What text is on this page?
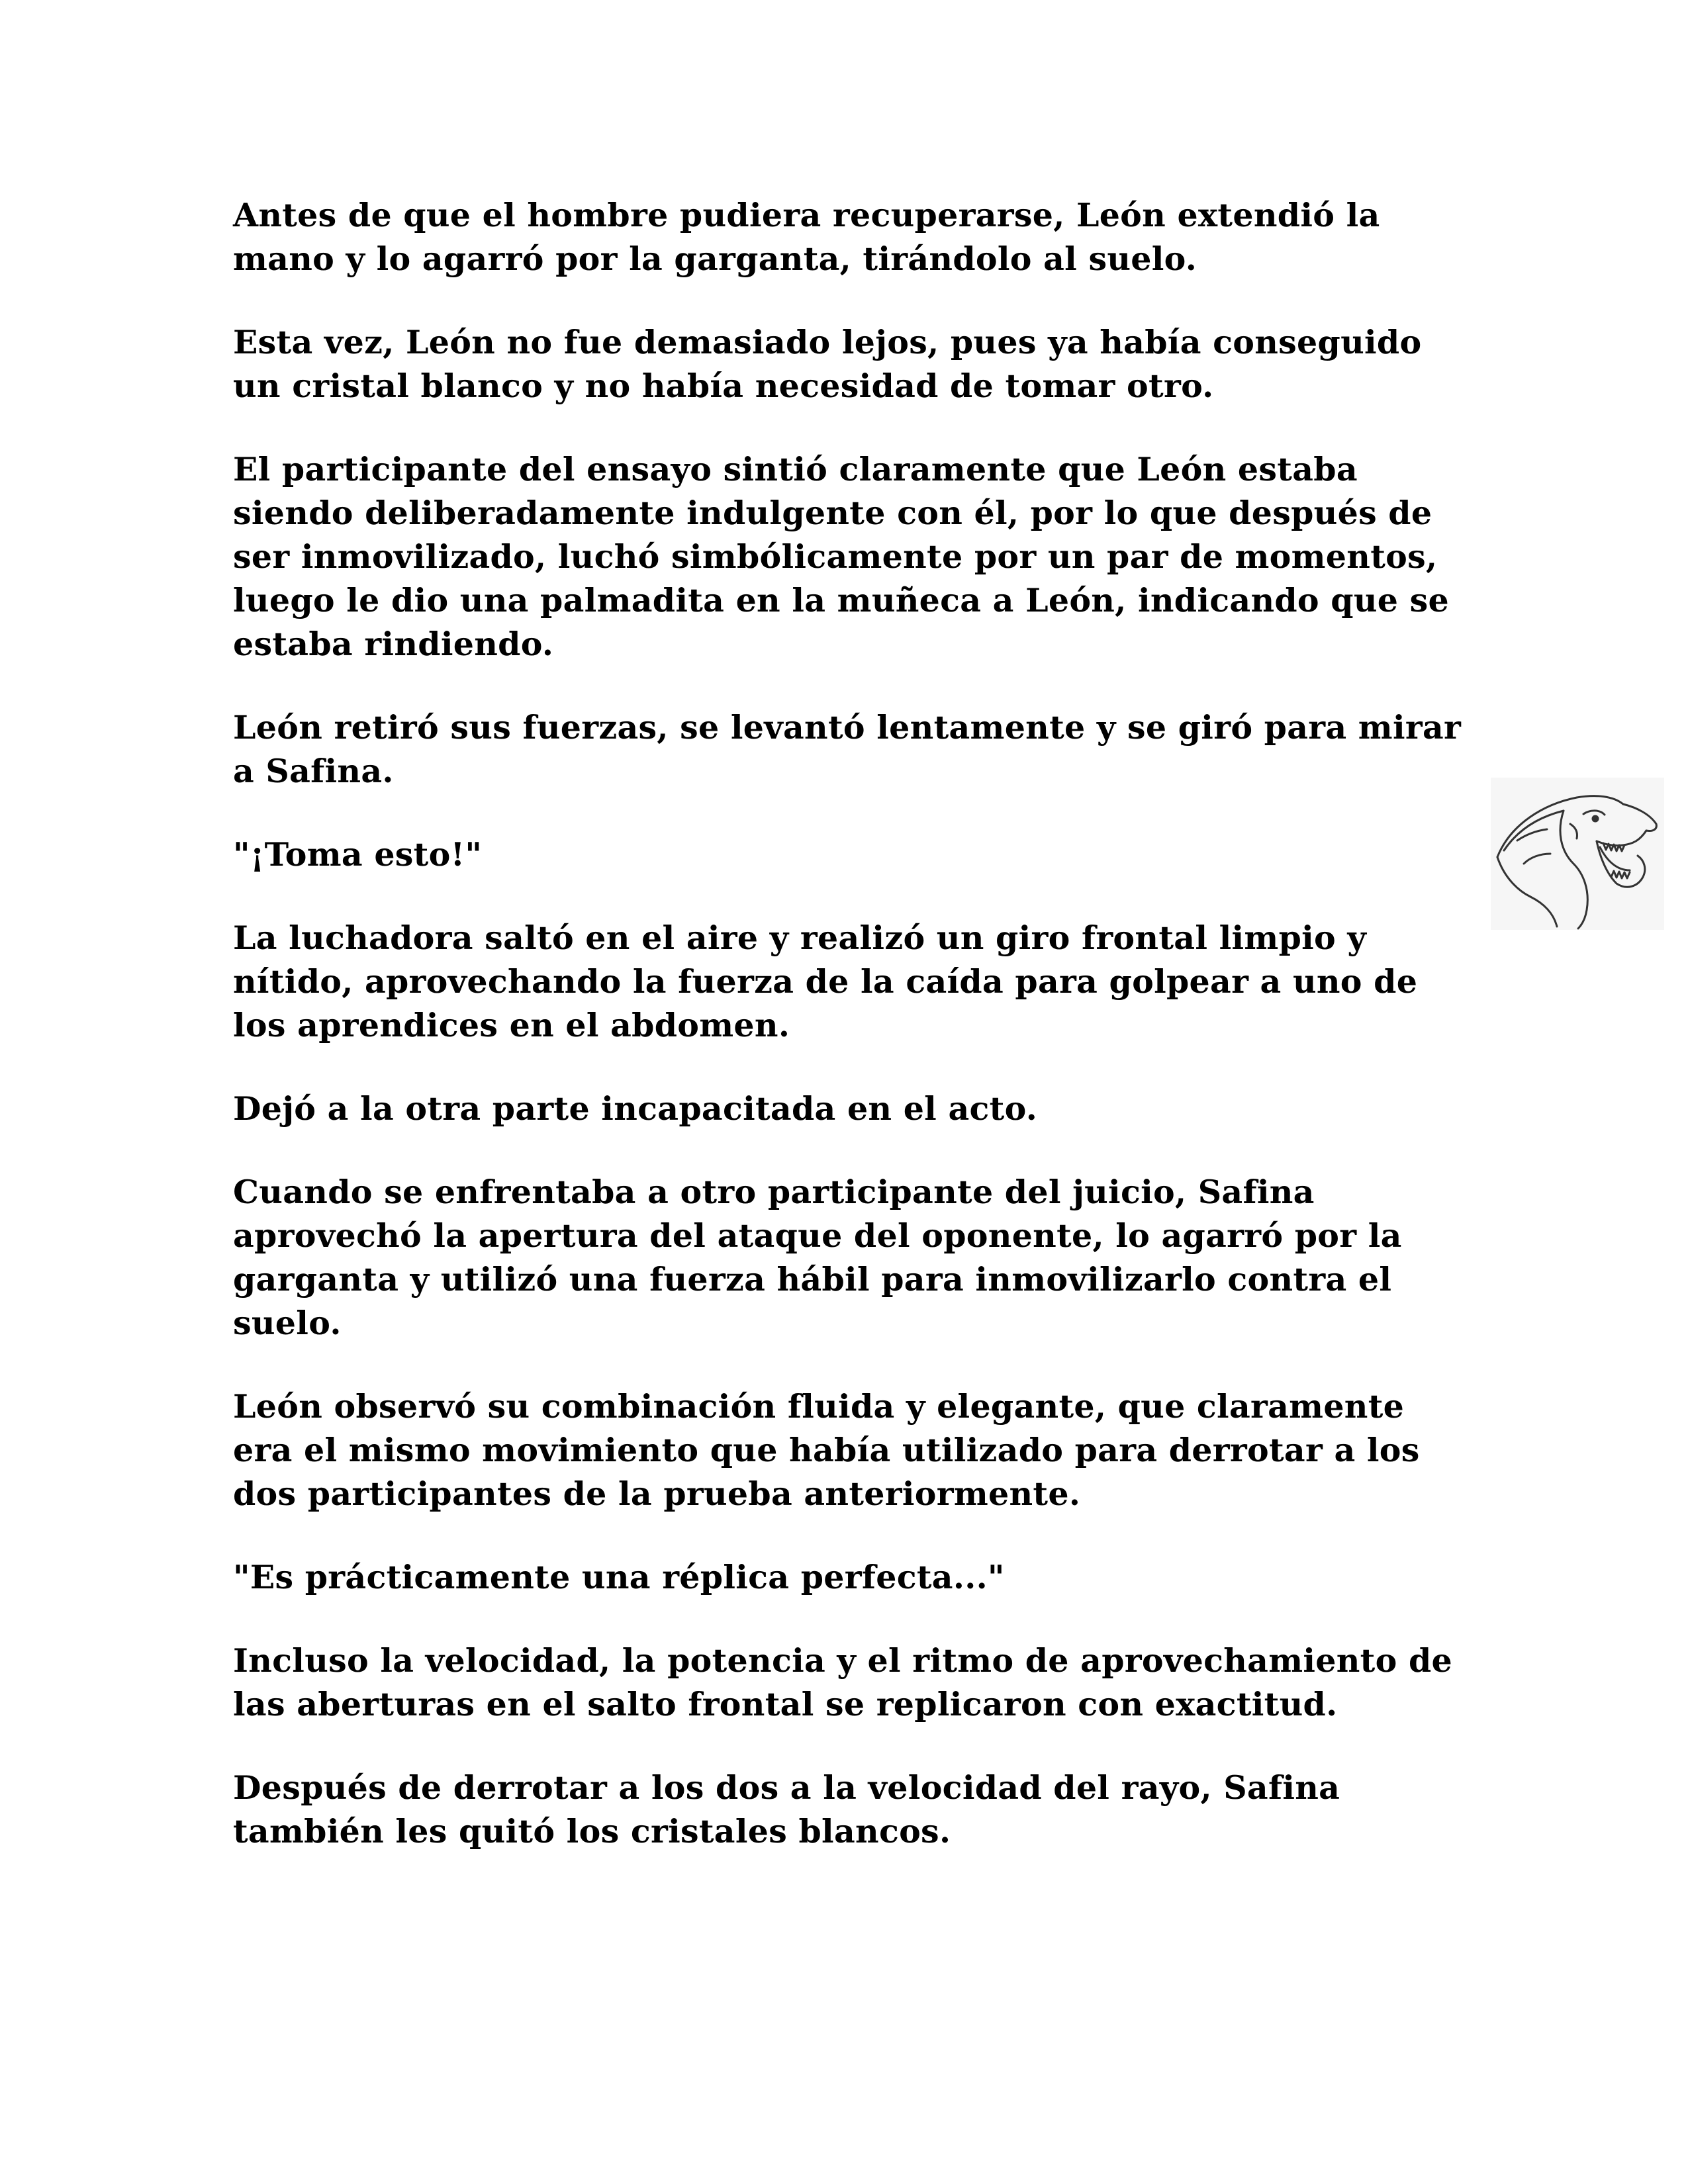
Antes de que el hombre pudiera recuperarse, León extendió la mano y lo agarró por la garganta, tirándolo al suelo.

Esta vez, León no fue demasiado lejos, pues ya había conseguido un cristal blanco y no había necesidad de tomar otro.

El participante del ensayo sintió claramente que León estaba siendo deliberadamente indulgente con él, por lo que después de ser inmovilizado, luchó simbólicamente por un par de momentos, luego le dio una palmadita en la muñeca a León, indicando que se estaba rindiendo.

León retiró sus fuerzas, se levantó lentamente y se giró para mirar a Safina.

"¡Toma esto!"

La luchadora saltó en el aire y realizó un giro frontal limpio y nítido, aprovechando la fuerza de la caída para golpear a uno de los aprendices en el abdomen.

Dejó a la otra parte incapacitada en el acto.

Cuando se enfrentaba a otro participante del juicio, Safina aprovechó la apertura del ataque del oponente, lo agarró por la garganta y utilizó una fuerza hábil para inmovilizarlo contra el suelo.

León observó su combinación fluida y elegante, que claramente era el mismo movimiento que había utilizado para derrotar a los dos participantes de la prueba anteriormente.

"Es prácticamente una réplica perfecta..."

Incluso la velocidad, la potencia y el ritmo de aprovechamiento de las aberturas en el salto frontal se replicaron con exactitud.

Después de derrotar a los dos a la velocidad del rayo, Safina también les quitó los cristales blancos.
